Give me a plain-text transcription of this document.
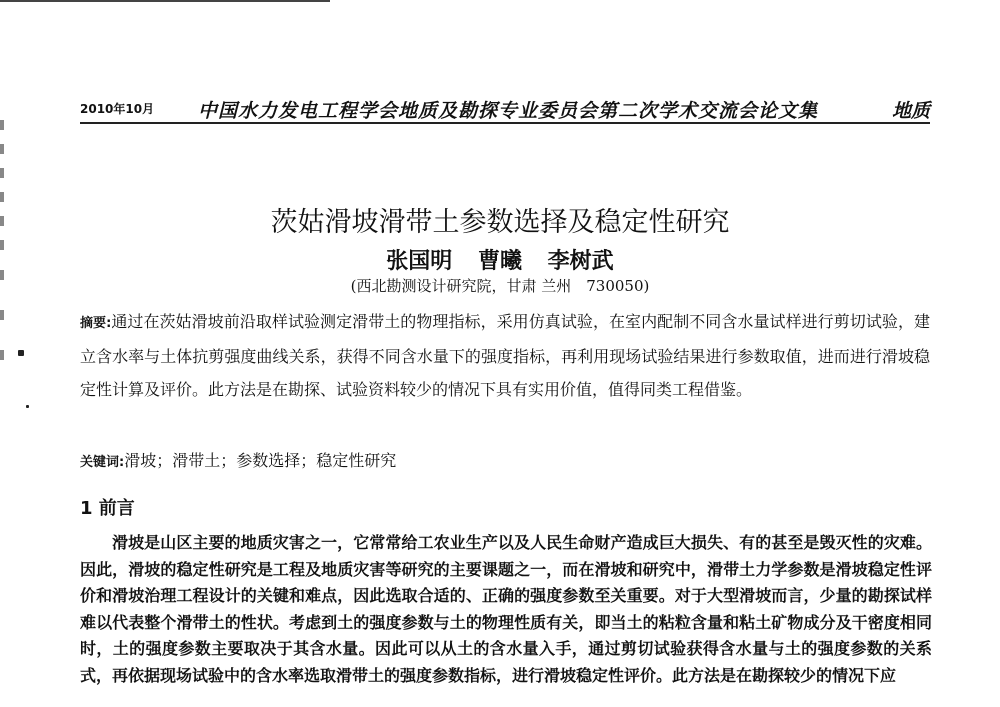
2010年10月 中国水力发电工程学会地质及勘探专业委员会第二次学术交流会论文集	地质
茨姑滑坡滑带土参数选择及稳定性研究
张国明 曹曦 李树武
(西北勘测设计研究院，甘肃 兰州　730050)
摘要:通过在茨姑滑坡前沿取样试验测定滑带土的物理指标，采用仿真试验，在室内配制不同含水量试样进行剪切试验，建立含水率与土体抗剪强度曲线关系，获得不同含水量下的强度指标，再利用现场试验结果进行参数取值，进而进行滑坡稳定性计算及评价。此方法是在勘探、试验资料较少的情况下具有实用价值，值得同类工程借鉴。
关键词:滑坡；滑带土；参数选择；稳定性研究
1 前言
滑坡是山区主要的地质灾害之一，它常常给工农业生产以及人民生命财产造成巨大损失、有的甚至是毁灭性的灾难。因此，滑坡的稳定性研究是工程及地质灾害等研究的主要课题之一，而在滑坡和研究中，滑带土力学参数是滑坡稳定性评价和滑坡治理工程设计的关键和难点，因此选取合适的、正确的强度参数至关重要。对于大型滑坡而言，少量的勘探试样难以代表整个滑带土的性状。考虑到土的强度参数与土的物理性质有关，即当土的粘粒含量和粘土矿物成分及干密度相同时，土的强度参数主要取决于其含水量。因此可以从土的含水量入手，通过剪切试验获得含水量与土的强度参数的关系式，再依据现场试验中的含水率选取滑带土的强度参数指标，进行滑坡稳定性评价。此方法是在勘探较少的情况下应
